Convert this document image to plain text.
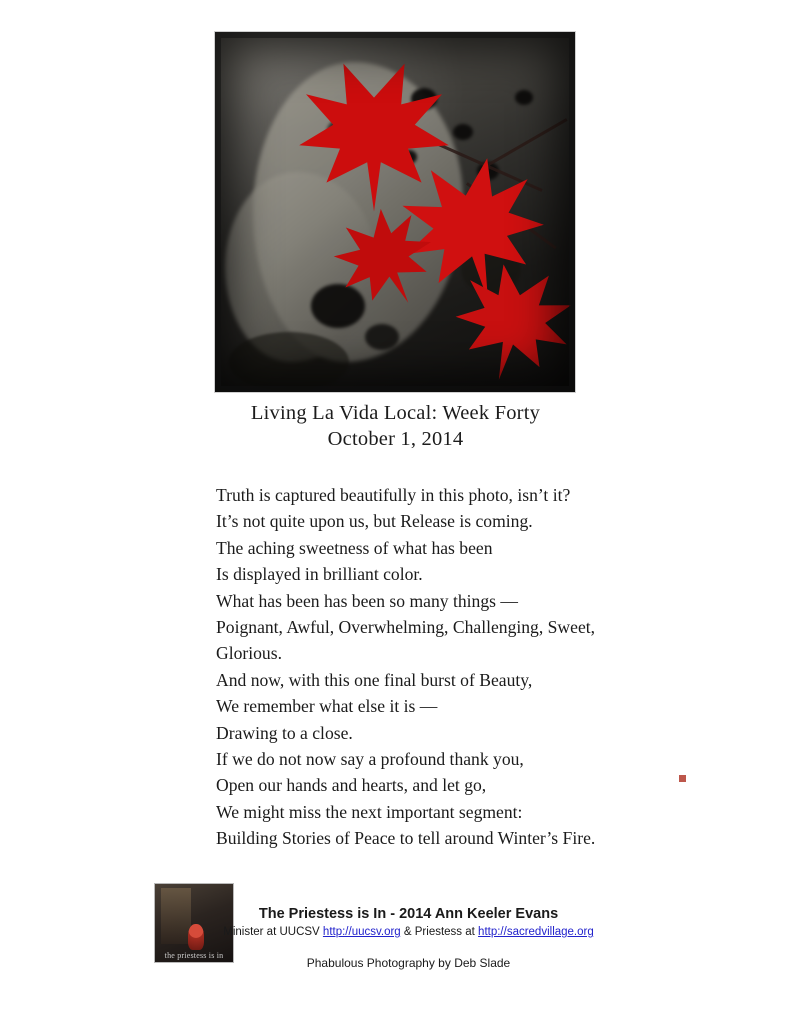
Living La Vida Local: Week Forty
October 1, 2014
Truth is captured beautifully in this photo, isn’t it?
It’s not quite upon us, but Release is coming.
The aching sweetness of what has been
Is displayed in brilliant color.
What has been has been so many things —
Poignant, Awful, Overwhelming, Challenging, Sweet,
Glorious.
And now, with this one final burst of Beauty,
We remember what else it is —
Drawing to a close.
If we do not now say a profound thank you,
Open our hands and hearts, and let go,
We might miss the next important segment:
Building Stories of Peace to tell around Winter’s Fire.
the priestess is in
The Priestess is In - 2014 Ann Keeler Evans
Minister at UUCSV http://uucsv.org & Priestess at http://sacredvillage.org
Phabulous Photography by Deb Slade
